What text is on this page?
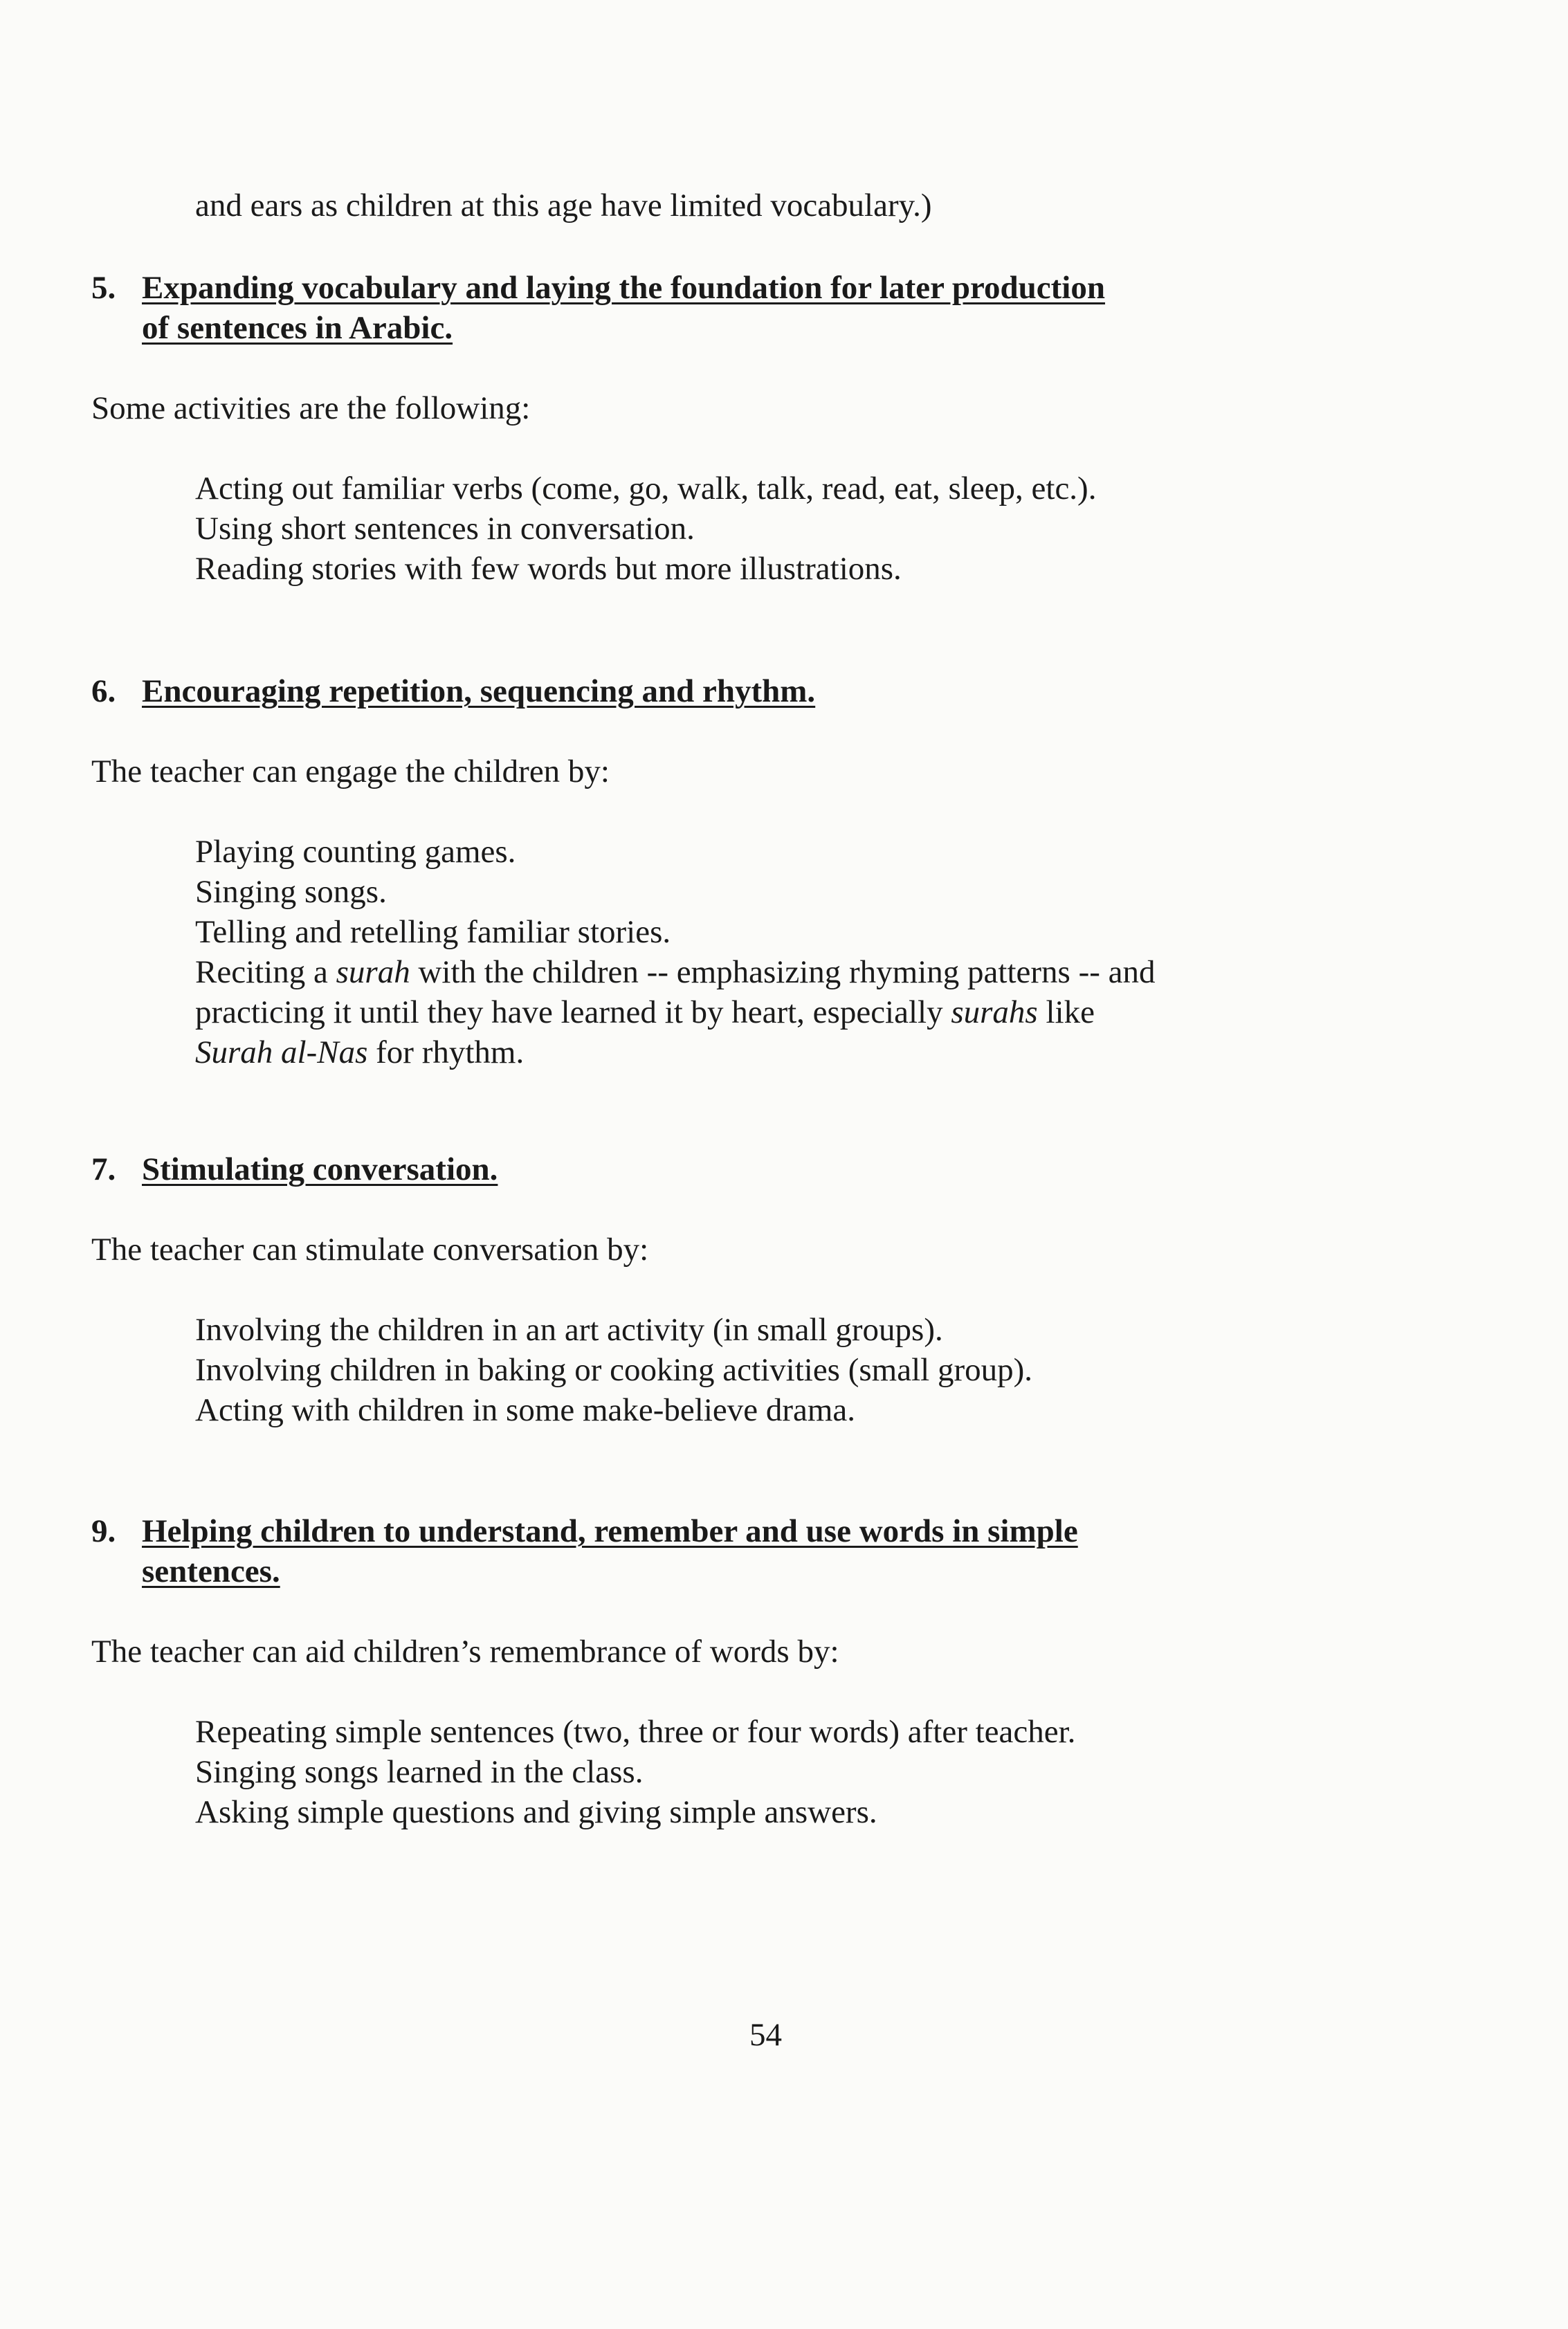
and ears as children at this age have limited vocabulary.)
5. Expanding vocabulary and laying the foundation for later production
of sentences in Arabic.
Some activities are the following:
Acting out familiar verbs (come, go, walk, talk, read, eat, sleep, etc.).
Using short sentences in conversation.
Reading stories with few words but more illustrations.
6. Encouraging repetition, sequencing and rhythm.
The teacher can engage the children by:
Playing counting games.
Singing songs.
Telling and retelling familiar stories.
Reciting a surah with the children -- emphasizing rhyming patterns -- and
practicing it until they have learned it by heart, especially surahs like
Surah al-Nas for rhythm.
7. Stimulating conversation.
The teacher can stimulate conversation by:
Involving the children in an art activity (in small groups).
Involving children in baking or cooking activities (small group).
Acting with children in some make-believe drama.
9. Helping children to understand, remember and use words in simple
sentences.
The teacher can aid children’s remembrance of words by:
Repeating simple sentences (two, three or four words) after teacher.
Singing songs learned in the class.
Asking simple questions and giving simple answers.
54
